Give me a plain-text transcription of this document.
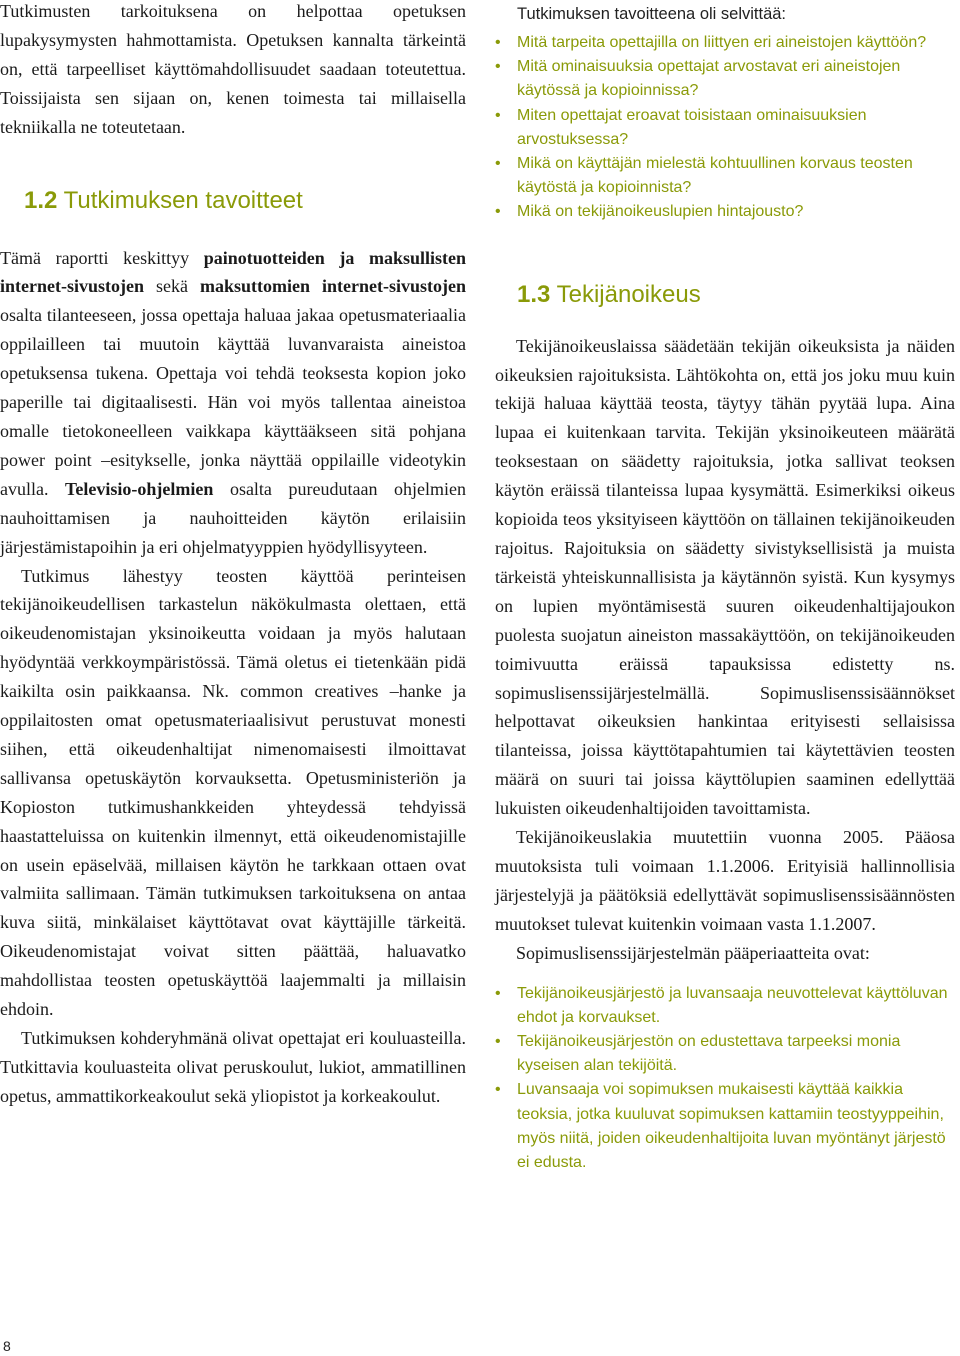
Tutkimusten tarkoituksena on helpottaa opetuksen lupakysymysten hahmottamista. Opetuksen kannalta tärkeintä on, että tarpeelliset käyttömahdollisuudet saadaan toteutettua. Toissijaista sen sijaan on, kenen toimesta tai millaisella tekniikalla ne toteutetaan.

1.2 Tutkimuksen tavoitteet

Tämä raportti keskittyy painotuotteiden ja maksullisten internet-sivustojen sekä maksuttomien internet-sivustojen osalta tilanteeseen, jossa opettaja haluaa jakaa opetusmateriaalia oppilailleen tai muutoin käyttää luvanvaraista aineistoa opetuksensa tukena. Opettaja voi tehdä teoksesta kopion joko paperille tai digitaalisesti. Hän voi myös tallentaa aineistoa omalle tietokoneelleen vaikkapa käyttääkseen sitä pohjana power point –esitykselle, jonka näyttää oppilaille videotykin avulla. Televisio-ohjelmien osalta pureudutaan ohjelmien nauhoittamisen ja nauhoitteiden käytön erilaisiin järjestämistapoihin ja eri ohjelmatyyppien hyödyllisyyteen.

Tutkimus lähestyy teosten käyttöä perinteisen tekijänoikeudellisen tarkastelun näkökulmasta olettaen, että oikeudenomistajan yksinoikeutta voidaan ja myös halutaan hyödyntää verkkoympäristössä. Tämä oletus ei tietenkään pidä kaikilta osin paikkaansa. Nk. common creatives –hanke ja oppilaitosten omat opetusmateriaalisivut perustuvat monesti siihen, että oikeudenhaltijat nimenomaisesti ilmoittavat sallivansa opetuskäytön korvauksetta. Opetusministeriön ja Kopioston tutkimushankkeiden yhteydessä tehdyissä haastatteluissa on kuitenkin ilmennyt, että oikeudenomistajille on usein epäselvää, millaisen käytön he tarkkaan ottaen ovat valmiita sallimaan. Tämän tutkimuksen tarkoituksena on antaa kuva siitä, minkälaiset käyttötavat ovat käyttäjille tärkeitä. Oikeudenomistajat voivat sitten päättää, haluavatko mahdollistaa teosten opetuskäyttöä laajemmalti ja millaisin ehdoin.

Tutkimuksen kohderyhmänä olivat opettajat eri kouluasteilla. Tutkittavia kouluasteita olivat peruskoulut, lukiot, ammatillinen opetus, ammattikorkeakoulut sekä yliopistot ja korkeakoulut.

Tutkimuksen tavoitteena oli selvittää:

• Mitä tarpeita opettajilla on liittyen eri aineistojen käyttöön?
• Mitä ominaisuuksia opettajat arvostavat eri aineistojen käytössä ja kopioinnissa?
• Miten opettajat eroavat toisistaan ominaisuuksien arvostuksessa?
• Mikä on käyttäjän mielestä kohtuullinen korvaus teosten käytöstä ja kopioinnista?
• Mikä on tekijänoikeuslupien hintajousto?
1.3 Tekijänoikeus

Tekijänoikeuslaissa säädetään tekijän oikeuksista ja näiden oikeuksien rajoituksista. Lähtökohta on, että jos joku muu kuin tekijä haluaa käyttää teosta, täytyy tähän pyytää lupa. Aina lupaa ei kuitenkaan tarvita. Tekijän yksinoikeuteen määrätä teoksestaan on säädetty rajoituksia, jotka sallivat teoksen käytön eräissä tilanteissa lupaa kysymättä. Esimerkiksi oikeus kopioida teos yksityiseen käyttöön on tällainen tekijänoikeuden rajoitus. Rajoituksia on säädetty sivistyksellisistä ja muista tärkeistä yhteiskunnallisista ja käytännön syistä. Kun kysymys on lupien myöntämisestä suuren oikeudenhaltijajoukon puolesta suojatun aineiston massakäyttöön, on tekijänoikeuden toimivuutta eräissä tapauksissa edistetty ns. sopimuslisenssijärjestelmällä. Sopimuslisenssisäännökset helpottavat oikeuksien hankintaa erityisesti sellaisissa tilanteissa, joissa käyttötapahtumien tai käytettävien teosten määrä on suuri tai joissa käyttölupien saaminen edellyttää lukuisten oikeudenhaltijoiden tavoittamista.

Tekijänoikeuslakia muutettiin vuonna 2005. Pääosa muutoksista tuli voimaan 1.1.2006. Erityisiä hallinnollisia järjestelyjä ja päätöksiä edellyttävät sopimuslisenssisäännösten muutokset tulevat kuitenkin voimaan vasta 1.1.2007.

Sopimuslisenssijärjestelmän pääperiaatteita ovat:

• Tekijänoikeusjärjestö ja luvansaaja neuvottelevat käyttöluvan ehdot ja korvaukset.
• Tekijänoikeusjärjestön on edustettava tarpeeksi monia kyseisen alan tekijöitä.
• Luvansaaja voi sopimuksen mukaisesti käyttää kaikkia teoksia, jotka kuuluvat sopimuksen kattamiin teostyyppeihin, myös niitä, joiden oikeudenhaltijoita luvan myöntänyt järjestö ei edusta.
8
